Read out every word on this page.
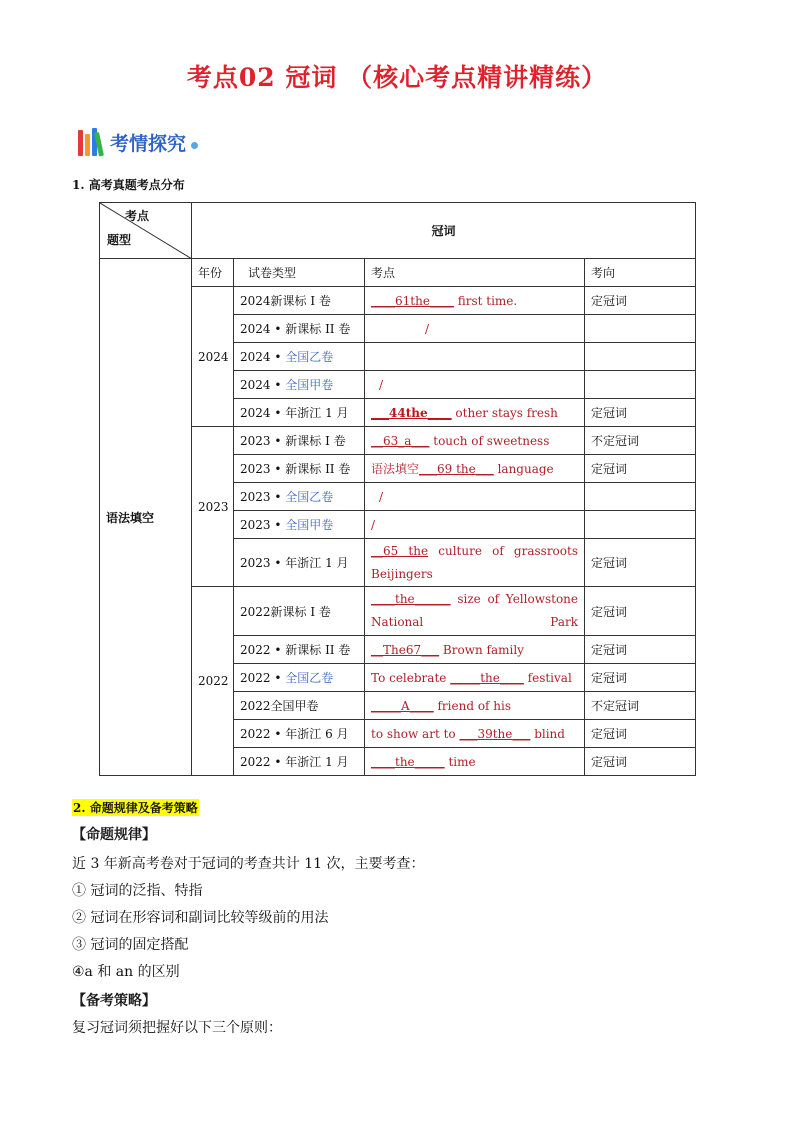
考点02 冠词 （核心考点精讲精练）
考情探究
1. 高考真题考点分布
考点
题型	冠词			
语法填空	年份	试卷类型	考点	考向
	2024	2024新课标 I 卷	____61the____ first time.	定冠词
		2024 • 新课标 II 卷	/	
		2024 • 全国乙卷		
		2024 • 全国甲卷	/	
		2024 • 年浙江 1 月	___44the____ other stays fresh	定冠词
	2023	2023 • 新课标 I 卷	__63_a___ touch of sweetness	不定冠词
		2023 • 新课标 II 卷	语法填空___69 the___ language	定冠词
		2023 • 全国乙卷	/	
		2023 • 全国甲卷	/	
		2023 • 年浙江 1 月	__65 the culture of grassroots Beijingers	定冠词
	2022	2022新课标 I 卷	____the______ size of Yellowstone National Park	定冠词
		2022 • 新课标 II 卷	__The67___ Brown family	定冠词
		2022 • 全国乙卷	To celebrate _____the____ festival	定冠词
		2022全国甲卷	_____A____ friend of his	不定冠词
		2022 • 年浙江 6 月	to show art to ___39the___ blind	定冠词
		2022 • 年浙江 1 月	____the_____ time	定冠词
2. 命题规律及备考策略
【命题规律】
近 3 年新高考卷对于冠词的考查共计 11 次，主要考查：
① 冠词的泛指、特指
② 冠词在形容词和副词比较等级前的用法
③ 冠词的固定搭配
④a 和 an 的区别
【备考策略】
复习冠词须把握好以下三个原则：
